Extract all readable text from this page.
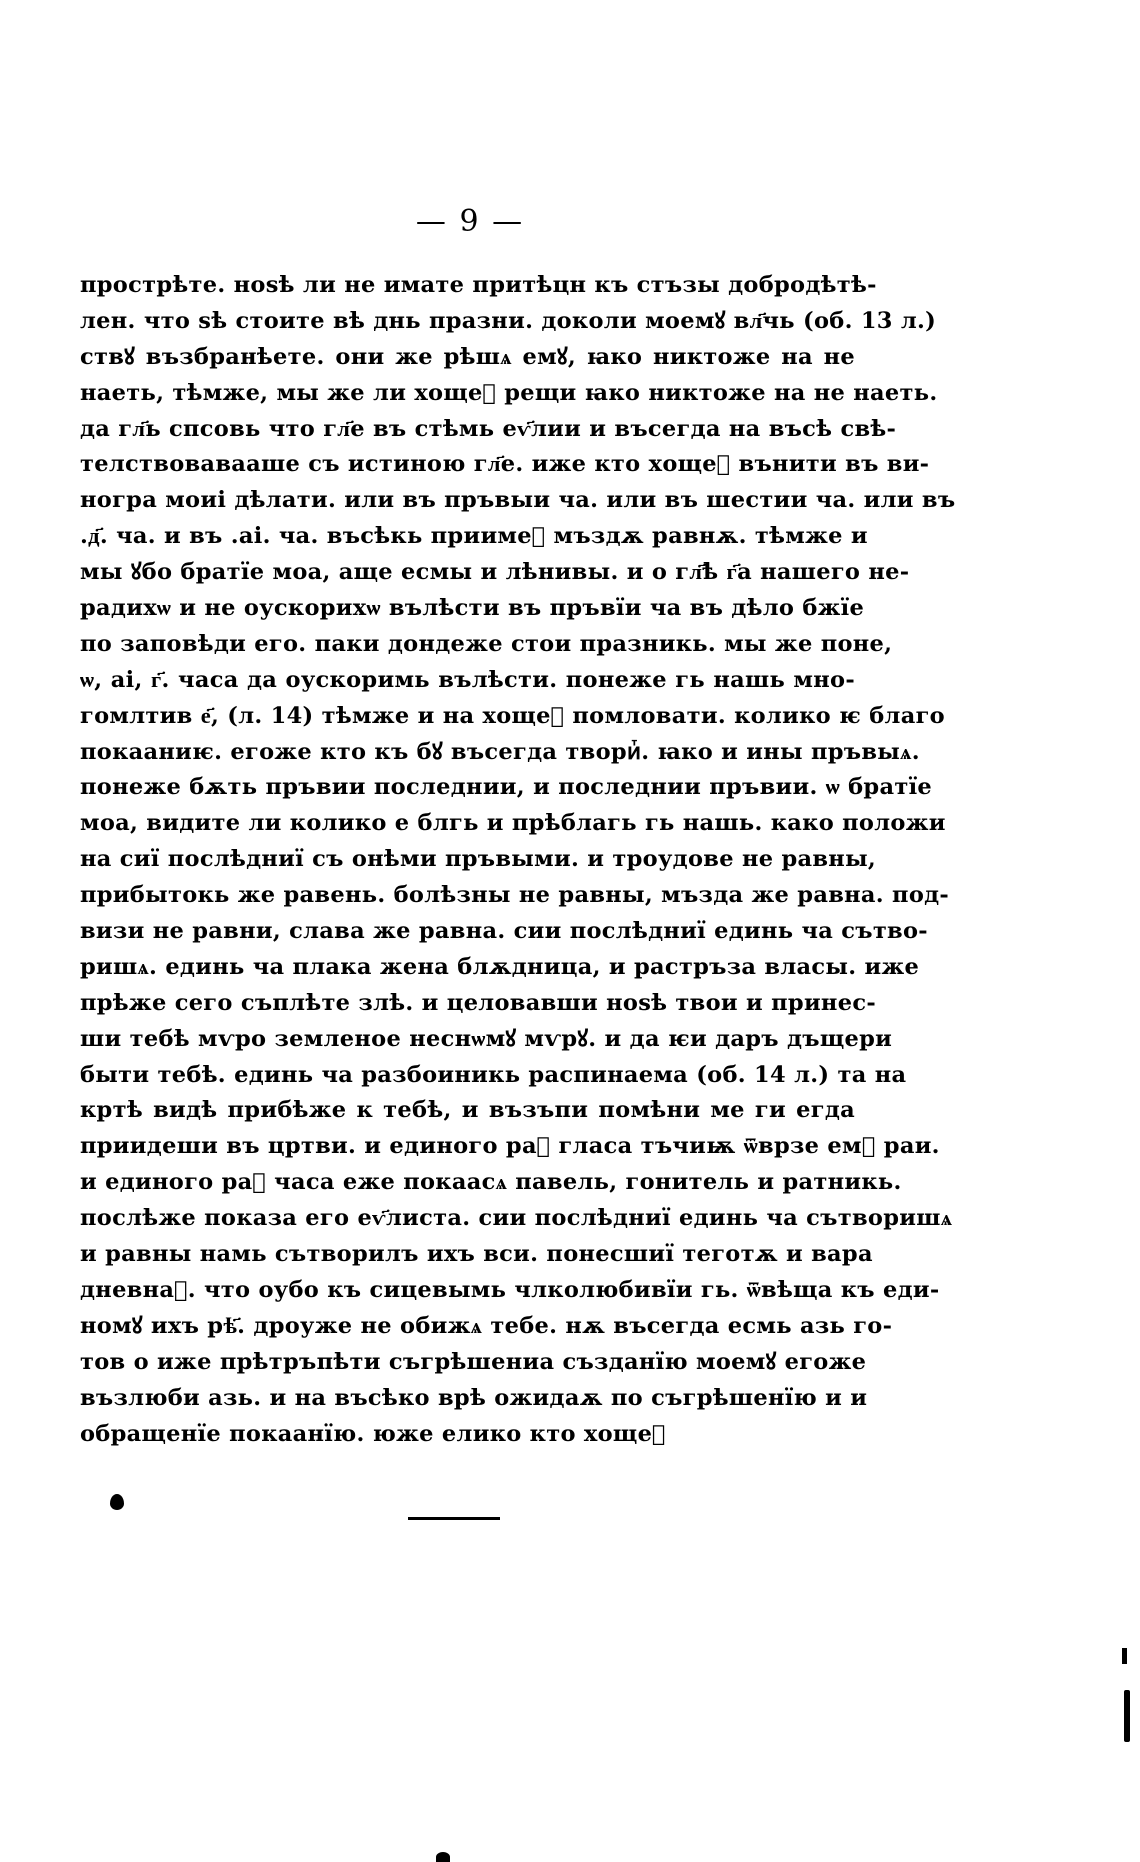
— 9 —
прострѣте. ноѕѣ ли не имате притѣцн къ стъзы добродѣтѣ-
лен. что ѕѣ стоите вѣ днь празни. доколи моемꙋ вл҃чь (об. 13 л.)
ствꙋ възбранѣете. они же рѣшѧ емꙋ, ꙗко никтоже на не
наеть, тѣмже, мы же ли хощеⷨ рещи ꙗко никтоже на не наеть.
да гл҃ь спсовь что гл҃е въ стѣмь еѵ҃лии и въсегда на въсѣ свѣ-
телствовавааше съ истиною гл҃е. иже кто хощеⷮ вънити въ ви-
ногра моиі дѣлати. или въ пръвыи ча. или въ шестии ча. или въ
.д҃. ча. и въ .аі. ча. въсѣкь приимеⷮ мъздѫ равнѫ. тѣмже и
мы ꙋбо братїе моа, аще есмы и лѣнивы. и о гл҃ѣ г҃а нашего не-
радихѡ и не оускорихѡ вълѣсти въ пръвїи ча въ дѣло бжїе
по заповѣди его. паки дондеже стои празникь. мы же поне,
ѡ, аі, г҃. часа да оускоримь вълѣсти. понеже гь нашь мно-
гомлтив е҃, (л. 14) тѣмже и на хощеⷮ помловати. колико ѥ благо
покааниѥ. егоже кто къ бꙋ въсегда твориⷮ. ꙗко и ины пръвыѧ.
понеже бѫть пръвии последнии, и последнии пръвии. ѡ братїе
моа, видите ли колико е блгь и прѣблагь гь нашь. како положи
на сиї послѣдниї съ онѣми пръвыми. и троудове не равны,
прибытокь же равень. болѣзны не равны, мъзда же равна. под-
визи не равни, слава же равна. сии послѣдниї единь ча сътво-
ришѧ. единь ча плака жена блѫдница, и растръза власы. иже
прѣже сего съплѣте злѣ. и целовавши ноѕѣ твои и принес-
ши тебѣ мѵро земленое неснѡмꙋ мѵрꙋ. и да ѥи даръ дъщери
быти тебѣ. единь ча разбоиникь распинаема (об. 14 л.) та на
кртѣ видѣ прибѣже к тебѣ, и възъпи помѣни ме ги егда
приидеши въ цртви. и единого раⷥ гласа тъчиѭ ѿврзе емꙋ раи.
и единого раⷥ часа еже покаасѧ павель, гонитель и ратникь.
послѣже показа его еѵ҃листа. сии послѣдниї единь ча сътворишѧ
и равны намь сътворилъ ихъ вси. понесшиї теготѫ и вара
дневнаⷶ. что оубо къ сицевымь члколюбивїи гь. ѿвѣща къ еди-
номꙋ ихъ рѣ҃. дроуже не обижѧ тебе. нѫ въсегда есмь азь го-
тов о иже прѣтръпѣти съгрѣшениа създанїю моемꙋ егоже
възлюби азь. и на въсѣко врѣ ожидаѫ по съгрѣшенїю и и
обращенїе покаанїю. юже елико кто хощеⷮ
